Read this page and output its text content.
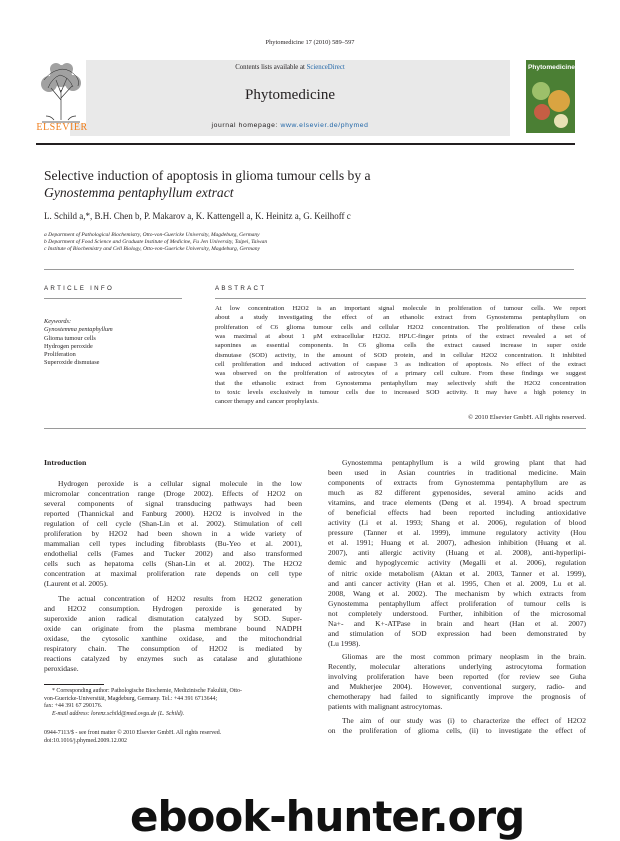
Phytomedicine 17 (2010) 589–597
ELSEVIER
Contents lists available at ScienceDirect
Phytomedicine
journal homepage: www.elsevier.de/phymed
Phytomedicine
Selective induction of apoptosis in glioma tumour cells by a
Gynostemma pentaphyllum extract
L. Schild a,*, B.H. Chen b, P. Makarov a, K. Kattengell a, K. Heinitz a, G. Keilhoff c
a Department of Pathological Biochemistry, Otto-von-Guericke University, Magdeburg, Germany
b Department of Food Science and Graduate Institute of Medicine, Fu Jen University, Taipei, Taiwan
c Institute of Biochemistry and Cell Biology, Otto-von-Guericke University, Magdeburg, Germany
ARTICLE INFO
Keywords:
Gynostemma pentaphyllum
Glioma tumour cells
Hydrogen peroxide
Proliferation
Superoxide dismutase
ABSTRACT
At low concentration H2O2 is an important signal molecule in proliferation of tumour cells. We report
about a study investigating the effect of an ethanolic extract from Gynostemma pentaphyllum on
proliferation of C6 glioma tumour cells and cellular H2O2 concentration. The proliferation of these cells
was maximal at about 1 μM extracellular H2O2. HPLC-finger prints of the extract revealed a set of
saponines as essential components. In C6 glioma cells the extract caused increase in super oxide
dismutase (SOD) activity, in the amount of SOD protein, and in cellular H2O2 concentration. It inhibited
cell proliferation and induced activation of caspase 3 as indication of apoptosis. No effect of the extract
was observed on the proliferation of astrocytes of a primary cell culture. From these findings we suggest
that the ethanolic extract from Gynostemma pentaphyllum may selectively shift the H2O2 concentration
to toxic levels exclusively in tumour cells due to increased SOD activity. It may have a high potency in
cancer therapy and cancer prophylaxis.
© 2010 Elsevier GmbH. All rights reserved.
Introduction
Hydrogen peroxide is a cellular signal molecule in the low
micromolar concentration range (Droge 2002). Effects of H2O2 on
several components of signal transducing pathways had been
reported (Thannickal and Fanburg 2000). H2O2 is involved in the
regulation of cell cycle (Shan-Lin et al. 2002). Stimulation of cell
proliferation by H2O2 had been shown in a wide variety of
mammalian cell types including fibroblasts (Bu-Yeo et al. 2001),
endothelial cells (Fames and Tucker 2002) and also transformed
cells such as hepatoma cells (Shan-Lin et al. 2002). The H2O2
concentration at maximal proliferation rate depends on cell type
(Laurent et al. 2005).
The actual concentration of H2O2 results from H2O2 generation
and H2O2 consumption. Hydrogen peroxide is generated by
superoxide anion radical dismutation catalyzed by SOD. Super-
oxide can originate from the plasma membrane bound NADPH
oxidase, the cytosolic xanthine oxidase, and the mitochondrial
respiratory chain. The consumption of H2O2 is mediated by
reactions catalyzed by enzymes such as catalase and glutathione
peroxidase.
Gynostemma pentaphyllum is a wild growing plant that had
been used in Asian countries in traditional medicine. Main
components of extracts from Gynostemma pentaphyllum are as
much as 82 different gypenosides, several amino acids and
vitamins, and trace elements (Deng et al. 1994). A broad spectrum
of beneficial effects had been reported including antioxidative
activity (Li et al. 1993; Shang et al. 2006), regulation of blood
pressure (Tanner et al. 1999), immune regulatory activity (Hou
et al. 1991; Huang et al. 2007), adhesion inhibition (Huang et al.
2007), anti allergic activity (Huang et al. 2008), anti-hyperlipi-
demic and hypoglycemic activity (Megalli et al. 2006), regulation
of nitric oxide metabolism (Aktan et al. 2003, Tanner et al. 1999),
and anti cancer activity (Han et al. 1995, Chen et al. 2009, Lu et al.
2008, Wang et al. 2002). The mechanism by which extracts from
Gynostemma pentaphyllum affect proliferation of tumour cells is
not completely understood. Further, inhibition of the microsomal
Na+- and K+-ATPase in brain and heart (Han et al. 2007)
and stimulation of SOD expression had been demonstrated by
(Lu 1998).
Gliomas are the most common primary neoplasm in the brain.
Recently, molecular alterations underlying astrocytoma formation
involving proliferation have been reported (for review see Guha
and Mukherjee 2004). However, conventional surgery, radio- and
chemotherapy had failed to significantly improve the prognosis of
patients with malignant astrocytomas.
The aim of our study was (i) to characterize the effect of H2O2
on the proliferation of glioma cells, (ii) to investigate the effect of
* Corresponding author: Pathologische Biochemie, Medizinische Fakultät, Otto-
von-Guericke-Universität, Magdeburg, Germany. Tel.: +44 391 6713644;
fax: +44 391 67 290176.
E-mail address: lorenz.schild@med.ovgu.de (L. Schild).
0944-7113/$ - see front matter © 2010 Elsevier GmbH. All rights reserved.
doi:10.1016/j.phymed.2009.12.002
ebook-hunter.org
